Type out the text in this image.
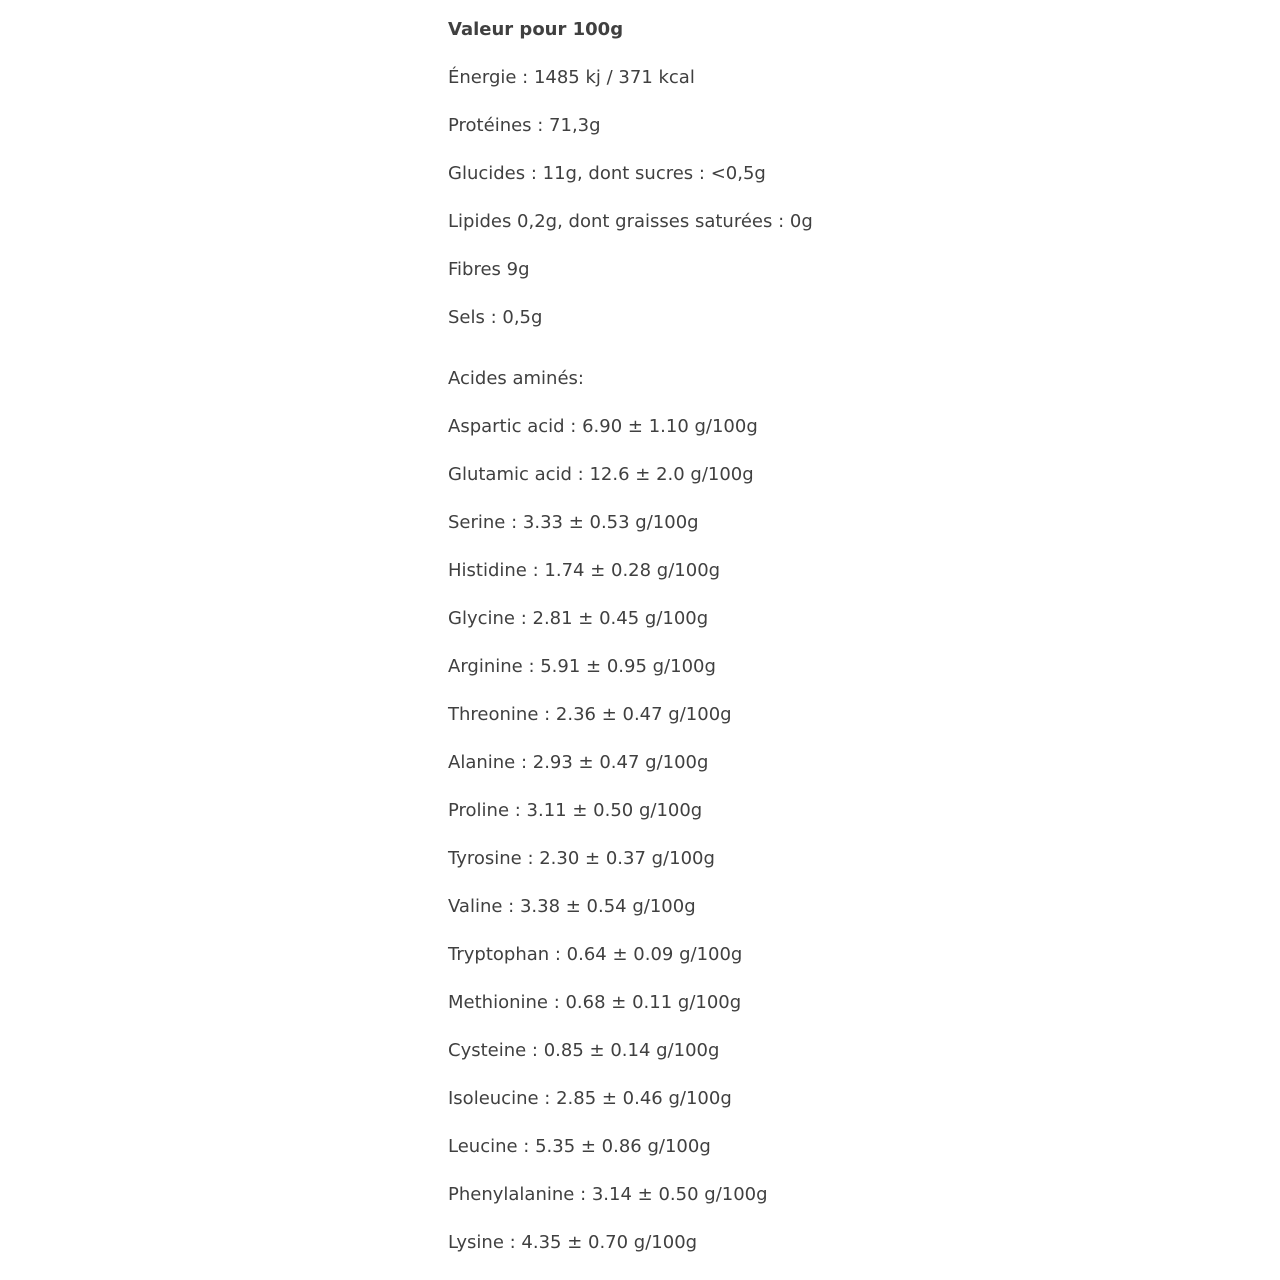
Valeur pour 100g
Énergie : 1485 kj / 371 kcal
Protéines : 71,3g
Glucides : 11g, dont sucres : <0,5g
Lipides 0,2g, dont graisses saturées : 0g
Fibres 9g
Sels : 0,5g
Acides aminés:
Aspartic acid : 6.90 ± 1.10 g/100g
Glutamic acid : 12.6 ± 2.0 g/100g
Serine : 3.33 ± 0.53 g/100g
Histidine : 1.74 ± 0.28 g/100g
Glycine : 2.81 ± 0.45 g/100g
Arginine : 5.91 ± 0.95 g/100g
Threonine : 2.36 ± 0.47 g/100g
Alanine : 2.93 ± 0.47 g/100g
Proline : 3.11 ± 0.50 g/100g
Tyrosine : 2.30 ± 0.37 g/100g
Valine : 3.38 ± 0.54 g/100g
Tryptophan : 0.64 ± 0.09 g/100g
Methionine : 0.68 ± 0.11 g/100g
Cysteine : 0.85 ± 0.14 g/100g
Isoleucine : 2.85 ± 0.46 g/100g
Leucine : 5.35 ± 0.86 g/100g
Phenylalanine : 3.14 ± 0.50 g/100g
Lysine : 4.35 ± 0.70 g/100g
